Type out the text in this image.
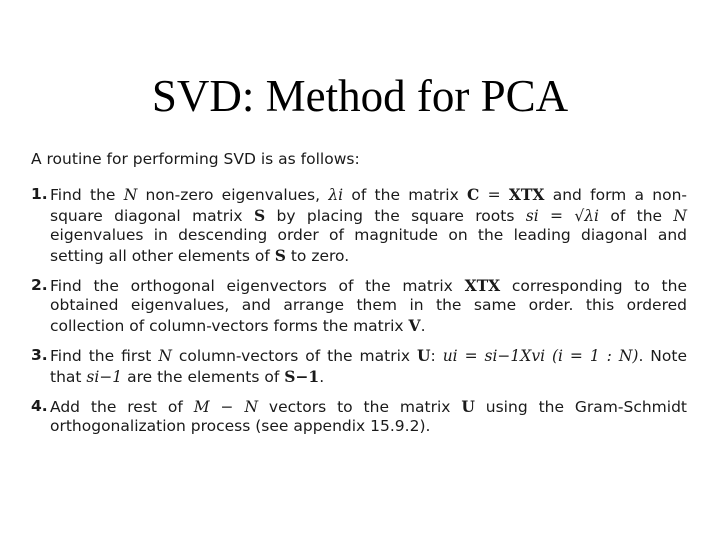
SVD: Method for PCA

A routine for performing SVD is as follows:

1. Find the N non-zero eigenvalues, λi of the matrix C = XTX and form a non-square diagonal matrix S by placing the square roots si = √λi of the N eigenvalues in descending order of magnitude on the leading diagonal and setting all other elements of S to zero.
2. Find the orthogonal eigenvectors of the matrix XTX corresponding to the obtained eigenvalues, and arrange them in the same order. this ordered collection of column-vectors forms the matrix V.
3. Find the first N column-vectors of the matrix U: ui = si−1Xvi (i = 1 : N). Note that si−1 are the elements of S−1.
4. Add the rest of M − N vectors to the matrix U using the Gram-Schmidt orthogonalization process (see appendix 15.9.2).
